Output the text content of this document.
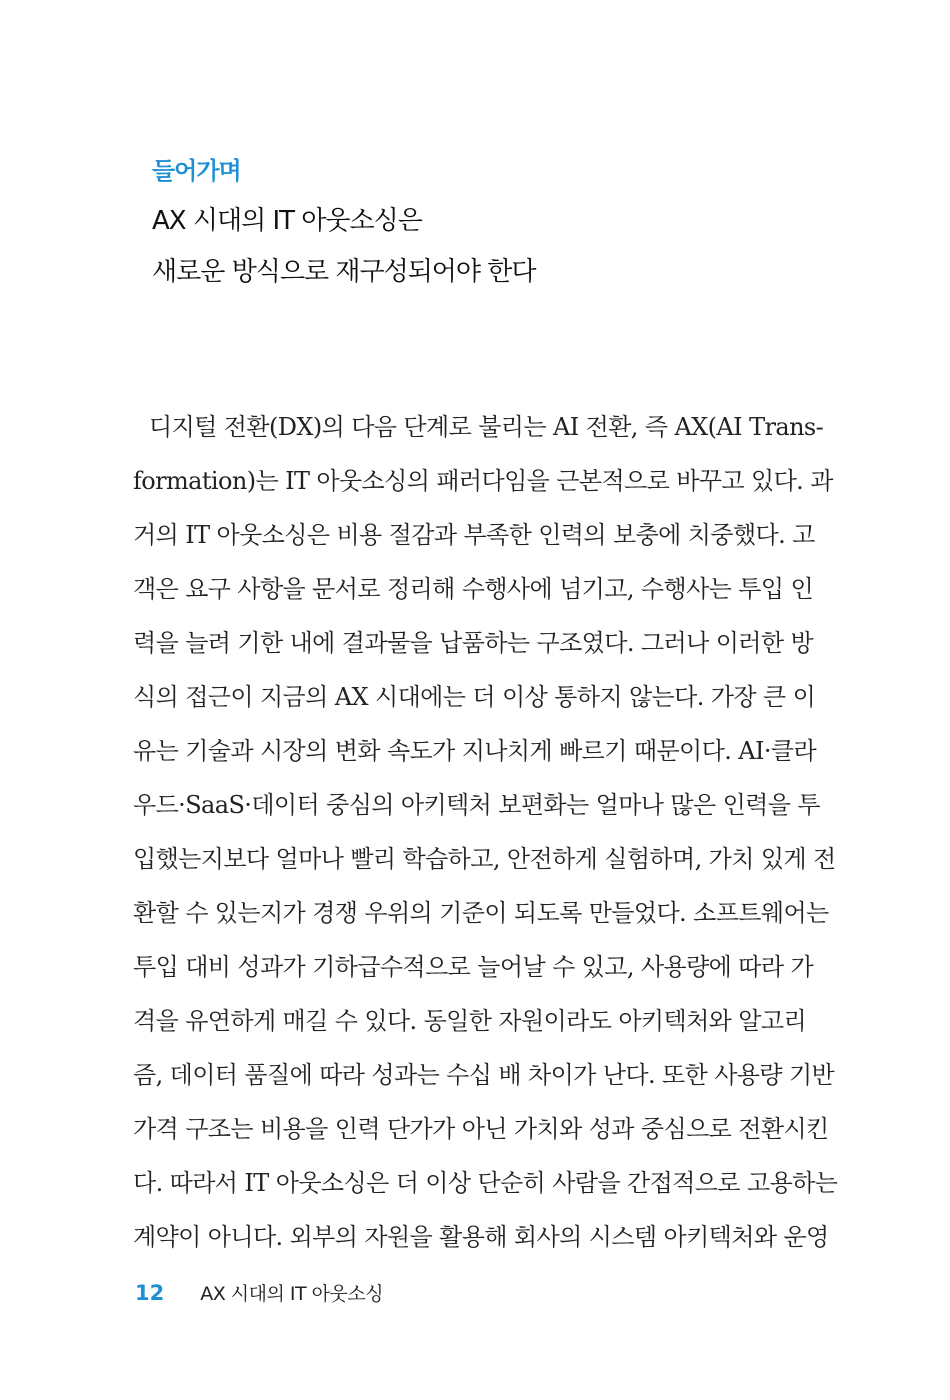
들어가며
AX 시대의 IT 아웃소싱은
새로운 방식으로 재구성되어야 한다
디지털 전환(DX)의 다음 단계로 불리는 AI 전환, 즉 AX(AI Trans-
formation)는 IT 아웃소싱의 패러다임을 근본적으로 바꾸고 있다. 과
거의 IT 아웃소싱은 비용 절감과 부족한 인력의 보충에 치중했다. 고
객은 요구 사항을 문서로 정리해 수행사에 넘기고, 수행사는 투입 인
력을 늘려 기한 내에 결과물을 납품하는 구조였다. 그러나 이러한 방
식의 접근이 지금의 AX 시대에는 더 이상 통하지 않는다. 가장 큰 이
유는 기술과 시장의 변화 속도가 지나치게 빠르기 때문이다. AI·클라
우드·SaaS·데이터 중심의 아키텍처 보편화는 얼마나 많은 인력을 투
입했는지보다 얼마나 빨리 학습하고, 안전하게 실험하며, 가치 있게 전
환할 수 있는지가 경쟁 우위의 기준이 되도록 만들었다. 소프트웨어는
투입 대비 성과가 기하급수적으로 늘어날 수 있고, 사용량에 따라 가
격을 유연하게 매길 수 있다. 동일한 자원이라도 아키텍처와 알고리
즘, 데이터 품질에 따라 성과는 수십 배 차이가 난다. 또한 사용량 기반
가격 구조는 비용을 인력 단가가 아닌 가치와 성과 중심으로 전환시킨
다. 따라서 IT 아웃소싱은 더 이상 단순히 사람을 간접적으로 고용하는
계약이 아니다. 외부의 자원을 활용해 회사의 시스템 아키텍처와 운영
12 AX 시대의 IT 아웃소싱
